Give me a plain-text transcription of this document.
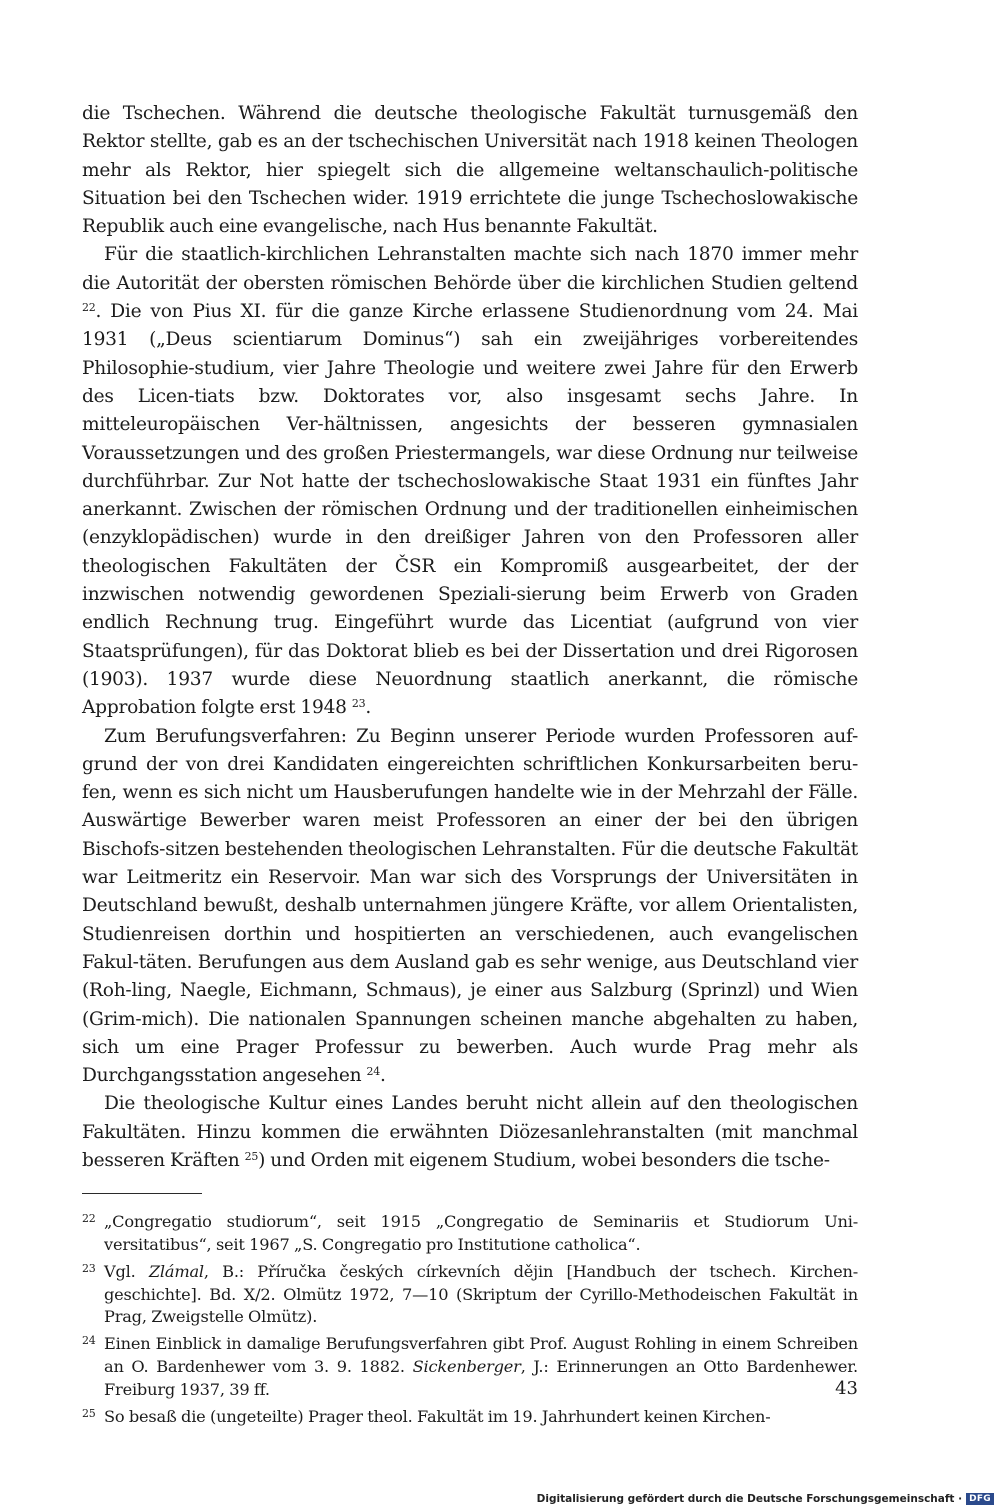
die Tschechen. Während die deutsche theologische Fakultät turnusgemäß den Rektor stellte, gab es an der tschechischen Universität nach 1918 keinen Theologen mehr als Rektor, hier spiegelt sich die allgemeine weltanschaulich-politische Situation bei den Tschechen wider. 1919 errichtete die junge Tschechoslowakische Republik auch eine evangelische, nach Hus benannte Fakultät.

Für die staatlich-kirchlichen Lehranstalten machte sich nach 1870 immer mehr die Autorität der obersten römischen Behörde über die kirchlichen Studien geltend $^{22}$. Die von Pius XI. für die ganze Kirche erlassene Studienordnung vom 24. Mai 1931 („Deus scientiarum Dominus“) sah ein zweijähriges vorbereitendes Philosophie-studium, vier Jahre Theologie und weitere zwei Jahre für den Erwerb des Licen-tiats bzw. Doktorates vor, also insgesamt sechs Jahre. In mitteleuropäischen Ver-hältnissen, angesichts der besseren gymnasialen Voraussetzungen und des großen Priestermangels, war diese Ordnung nur teilweise durchführbar. Zur Not hatte der tschechoslowakische Staat 1931 ein fünftes Jahr anerkannt. Zwischen der römischen Ordnung und der traditionellen einheimischen (enzyklopädischen) wurde in den dreißiger Jahren von den Professoren aller theologischen Fakultäten der ČSR ein Kompromiß ausgearbeitet, der der inzwischen notwendig gewordenen Speziali-sierung beim Erwerb von Graden endlich Rechnung trug. Eingeführt wurde das Licentiat (aufgrund von vier Staatsprüfungen), für das Doktorat blieb es bei der Dissertation und drei Rigorosen (1903). 1937 wurde diese Neuordnung staatlich anerkannt, die römische Approbation folgte erst 1948 $^{23}$.

Zum Berufungsverfahren: Zu Beginn unserer Periode wurden Professoren auf-grund der von drei Kandidaten eingereichten schriftlichen Konkursarbeiten beru-fen, wenn es sich nicht um Hausberufungen handelte wie in der Mehrzahl der Fälle. Auswärtige Bewerber waren meist Professoren an einer der bei den übrigen Bischofs-sitzen bestehenden theologischen Lehranstalten. Für die deutsche Fakultät war Leitmeritz ein Reservoir. Man war sich des Vorsprungs der Universitäten in Deutschland bewußt, deshalb unternahmen jüngere Kräfte, vor allem Orientalisten, Studienreisen dorthin und hospitierten an verschiedenen, auch evangelischen Fakul-täten. Berufungen aus dem Ausland gab es sehr wenige, aus Deutschland vier (Roh-ling, Naegle, Eichmann, Schmaus), je einer aus Salzburg (Sprinzl) und Wien (Grim-mich). Die nationalen Spannungen scheinen manche abgehalten zu haben, sich um eine Prager Professur zu bewerben. Auch wurde Prag mehr als Durchgangsstation angesehen $^{24}$.

Die theologische Kultur eines Landes beruht nicht allein auf den theologischen Fakultäten. Hinzu kommen die erwähnten Diözesanlehranstalten (mit manchmal besseren Kräften $^{25}$) und Orden mit eigenem Studium, wobei besonders die tsche-

22 „Congregatio studiorum“, seit 1915 „Congregatio de Seminariis et Studiorum Uni-versitatibus“, seit 1967 „S. Congregatio pro Institutione catholica“.

23 Vgl. Zlámal, B.: Příručka českých církevních dějin [Handbuch der tschech. Kirchen-geschichte]. Bd. X/2. Olmütz 1972, 7—10 (Skriptum der Cyrillo-Methodeischen Fakultät in Prag, Zweigstelle Olmütz).

24 Einen Einblick in damalige Berufungsverfahren gibt Prof. August Rohling in einem Schreiben an O. Bardenhewer vom 3. 9. 1882. Sickenberger, J.: Erinnerungen an Otto Bardenhewer. Freiburg 1937, 39 ff.

25 So besaß die (ungeteilte) Prager theol. Fakultät im 19. Jahrhundert keinen Kirchen-

43
Digitalisierung gefördert durch die Deutsche Forschungsgemeinschaft · DFG
